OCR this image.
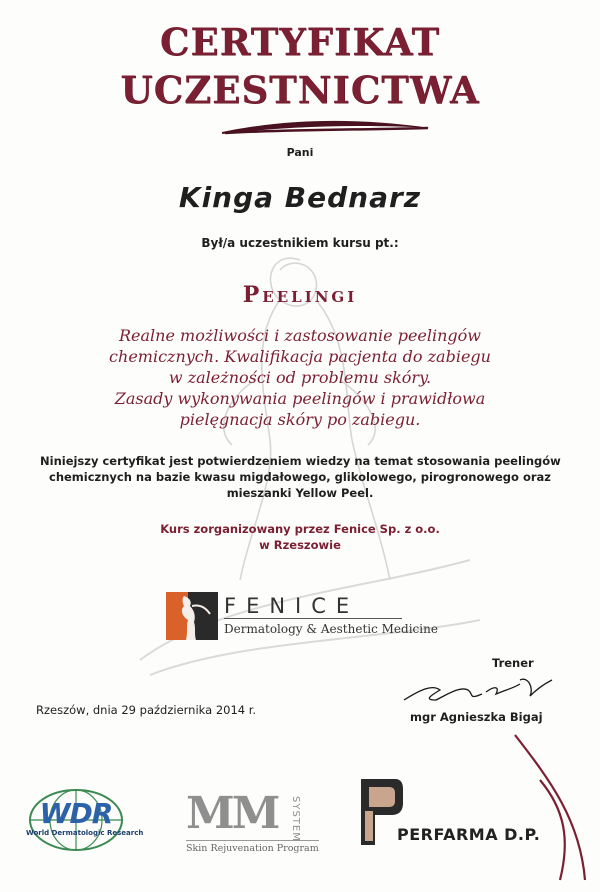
CERTYFIKAT
UCZESTNICTWA
Pani
Kinga Bednarz
Był/a uczestnikiem kursu pt.:
Peelingi
Realne możliwości i zastosowanie peelingów
chemicznych. Kwalifikacja pacjenta do zabiegu
w zależności od problemu skóry.
Zasady wykonywania peelingów i prawidłowa
pielęgnacja skóry po zabiegu.
Niniejszy certyfikat jest potwierdzeniem wiedzy na temat stosowania peelingów
chemicznych na bazie kwasu migdałowego, glikolowego, pirogronowego oraz
mieszanki Yellow Peel.
Kurs zorganizowany przez Fenice Sp. z o.o.
w Rzeszowie
FENICE
Dermatology & Aesthetic Medicine
Trener
mgr Agnieszka Bigaj
Rzeszów, dnia 29 października 2014 r.
WDR
World Dermatologic Research MM SYSTEM
Skin Rejuvenation Program
PERFARMA D.P.
